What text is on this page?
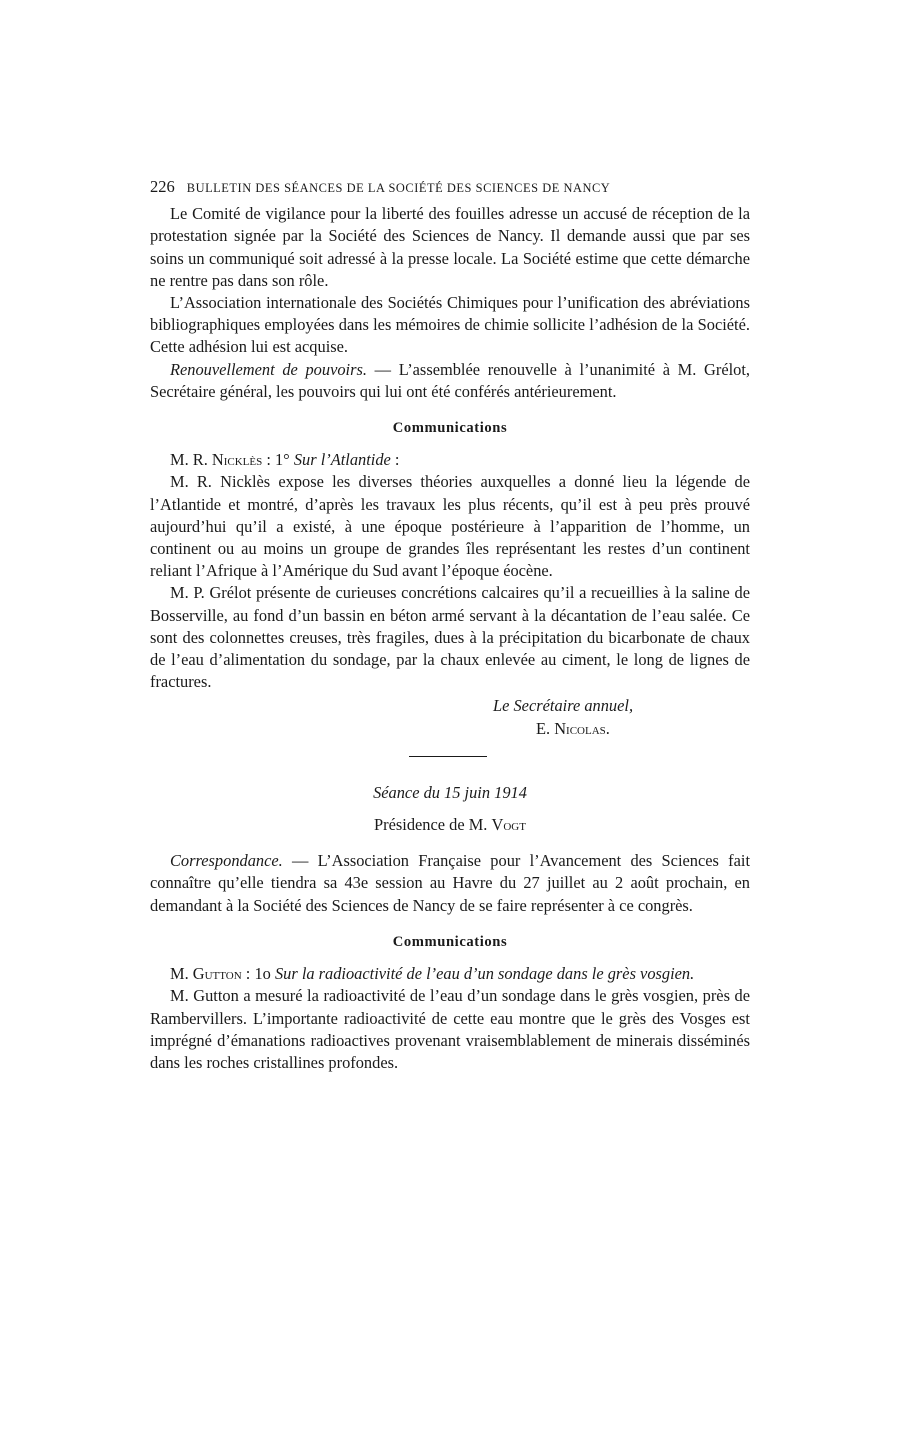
226 BULLETIN DES SÉANCES DE LA SOCIÉTÉ DES SCIENCES DE NANCY

Le Comité de vigilance pour la liberté des fouilles adresse un accusé de réception de la protestation signée par la Société des Sciences de Nancy. Il demande aussi que par ses soins un communiqué soit adressé à la presse locale. La Société estime que cette démarche ne rentre pas dans son rôle.

L’Association internationale des Sociétés Chimiques pour l’unification des abréviations bibliographiques employées dans les mémoires de chimie sollicite l’adhésion de la Société. Cette adhésion lui est acquise.

Renouvellement de pouvoirs. — L’assemblée renouvelle à l’unanimité à M. Grélot, Secrétaire général, les pouvoirs qui lui ont été conférés antérieurement.

Communications

M. R. Nicklès : 1° Sur l’Atlantide :

M. R. Nicklès expose les diverses théories auxquelles a donné lieu la légende de l’Atlantide et montré, d’après les travaux les plus récents, qu’il est à peu près prouvé aujourd’hui qu’il a existé, à une époque postérieure à l’apparition de l’homme, un continent ou au moins un groupe de grandes îles représentant les restes d’un continent reliant l’Afrique à l’Amérique du Sud avant l’époque éocène.

M. P. Grélot présente de curieuses concrétions calcaires qu’il a recueillies à la saline de Bosserville, au fond d’un bassin en béton armé servant à la décantation de l’eau salée. Ce sont des colonnettes creuses, très fragiles, dues à la précipitation du bicarbonate de chaux de l’eau d’alimentation du sondage, par la chaux enlevée au ciment, le long de lignes de fractures.

Le Secrétaire annuel,
E. Nicolas.
Séance du 15 juin 1914
Présidence de M. Vogt

Correspondance. — L’Association Française pour l’Avancement des Sciences fait connaître qu’elle tiendra sa 43e session au Havre du 27 juillet au 2 août prochain, en demandant à la Société des Sciences de Nancy de se faire représenter à ce congrès.

Communications

M. Gutton : 1o Sur la radioactivité de l’eau d’un sondage dans le grès vosgien.

M. Gutton a mesuré la radioactivité de l’eau d’un sondage dans le grès vosgien, près de Rambervillers. L’importante radioactivité de cette eau montre que le grès des Vosges est imprégné d’émanations radioactives provenant vraisemblablement de minerais disséminés dans les roches cristallines profondes.
